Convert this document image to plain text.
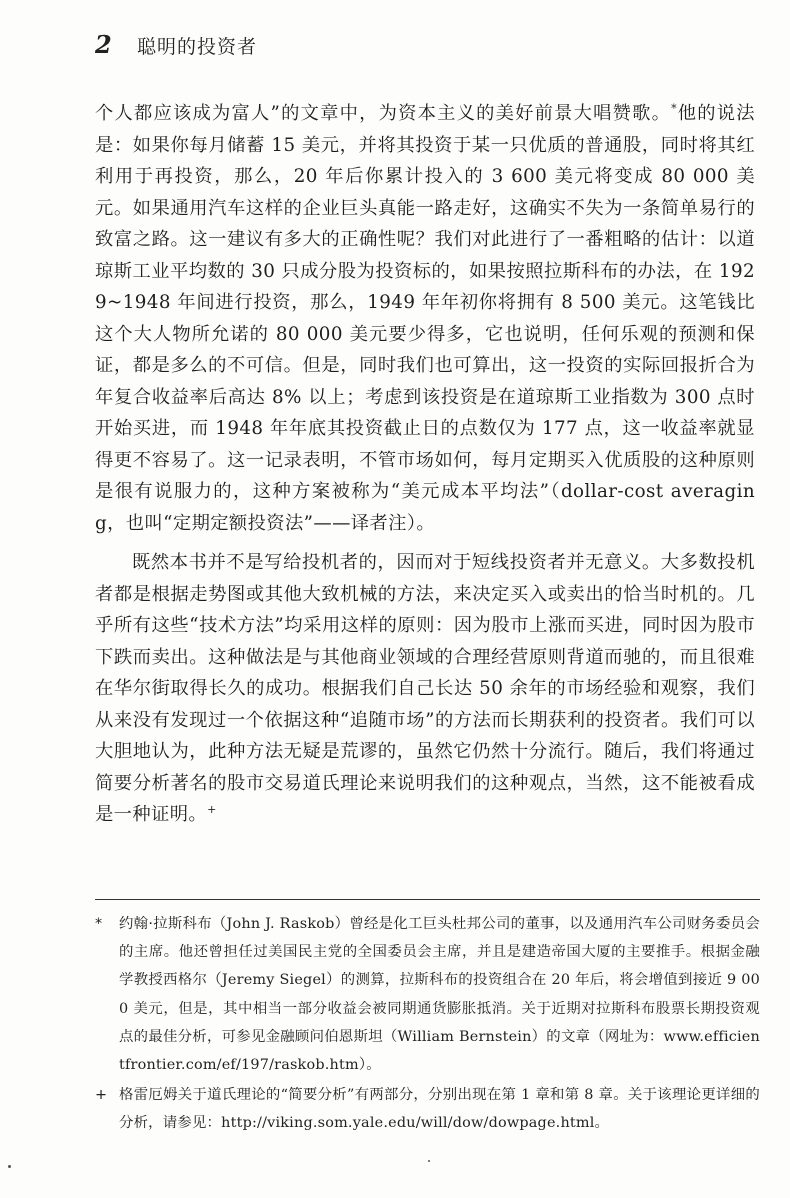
2	聪明的投资者

个人都应该成为富人”的文章中，为资本主义的美好前景大唱赞歌。*他的说法是：如果你每月储蓄 15 美元，并将其投资于某一只优质的普通股，同时将其红利用于再投资，那么，20 年后你累计投入的 3 600 美元将变成 80 000 美元。如果通用汽车这样的企业巨头真能一路走好，这确实不失为一条简单易行的致富之路。这一建议有多大的正确性呢？我们对此进行了一番粗略的估计：以道琼斯工业平均数的 30 只成分股为投资标的，如果按照拉斯科布的办法，在 1929~1948 年间进行投资，那么，1949 年年初你将拥有 8 500 美元。这笔钱比这个大人物所允诺的 80 000 美元要少得多，它也说明，任何乐观的预测和保证，都是多么的不可信。但是，同时我们也可算出，这一投资的实际回报折合为年复合收益率后高达 8% 以上；考虑到该投资是在道琼斯工业指数为 300 点时开始买进，而 1948 年年底其投资截止日的点数仅为 177 点，这一收益率就显得更不容易了。这一记录表明，不管市场如何，每月定期买入优质股的这种原则是很有说服力的，这种方案被称为“美元成本平均法”（dollar-cost averaging，也叫“定期定额投资法”——译者注）。

既然本书并不是写给投机者的，因而对于短线投资者并无意义。大多数投机者都是根据走势图或其他大致机械的方法，来决定买入或卖出的恰当时机的。几乎所有这些“技术方法”均采用这样的原则：因为股市上涨而买进，同时因为股市下跌而卖出。这种做法是与其他商业领域的合理经营原则背道而驰的，而且很难在华尔街取得长久的成功。根据我们自己长达 50 余年的市场经验和观察，我们从来没有发现过一个依据这种“追随市场”的方法而长期获利的投资者。我们可以大胆地认为，此种方法无疑是荒谬的，虽然它仍然十分流行。随后，我们将通过简要分析著名的股市交易道氏理论来说明我们的这种观点，当然，这不能被看成是一种证明。+

*	约翰·拉斯科布（John J. Raskob）曾经是化工巨头杜邦公司的董事，以及通用汽车公司财务委员会的主席。他还曾担任过美国民主党的全国委员会主席，并且是建造帝国大厦的主要推手。根据金融学教授西格尔（Jeremy Siegel）的测算，拉斯科布的投资组合在 20 年后，将会增值到接近 9 000 美元，但是，其中相当一部分收益会被同期通货膨胀抵消。关于近期对拉斯科布股票长期投资观点的最佳分析，可参见金融顾问伯恩斯坦（William Bernstein）的文章（网址为：www.efficientfrontier.com/ef/197/raskob.htm）。
+ 格雷厄姆关于道氏理论的“简要分析”有两部分，分别出现在第 1 章和第 8 章。关于该理论更详细的分析，请参见：http://viking.som.yale.edu/will/dow/dowpage.html。
